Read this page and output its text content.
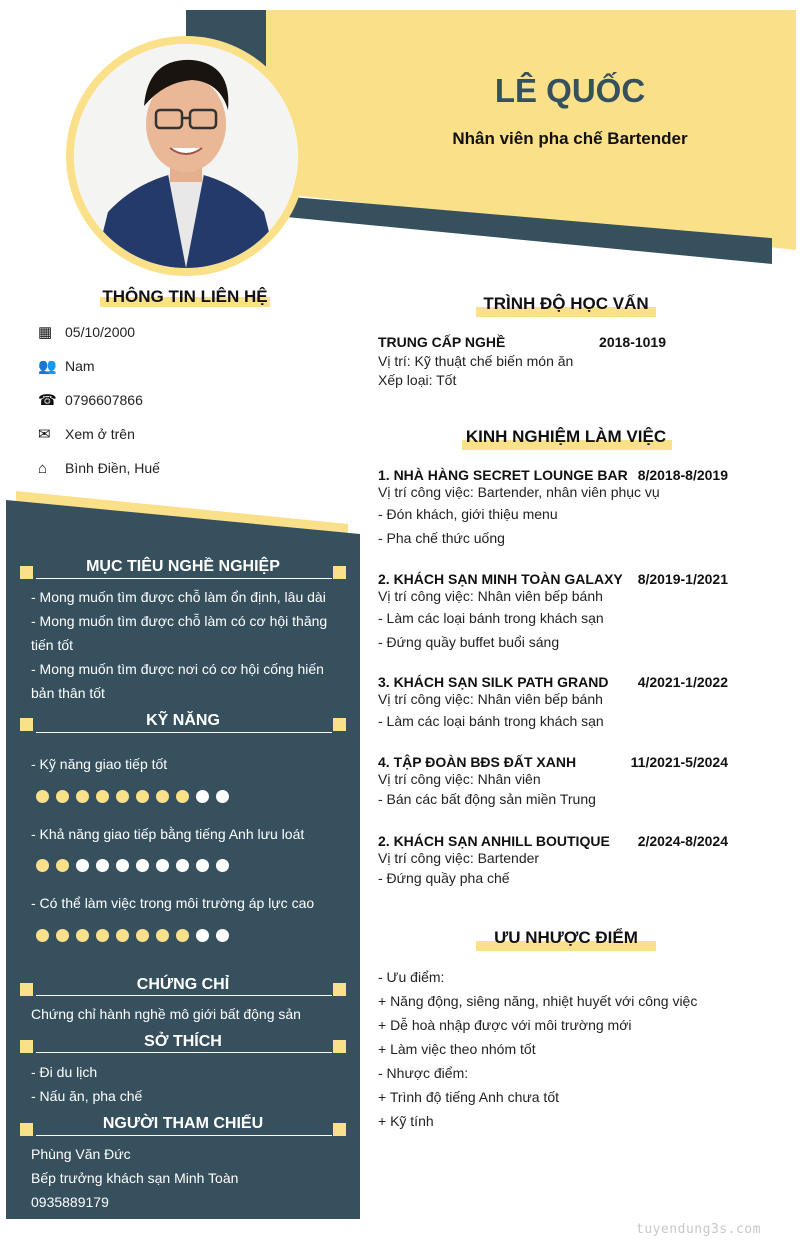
LÊ QUỐC
Nhân viên pha chế Bartender
THÔNG TIN LIÊN HỆ
▦ 05/10/2000
👥 Nam
☎ 0796607866
✉	Xem ở trên
⌂	Bình Điền, Huế
MỤC TIÊU NGHỀ NGHIỆP
- Mong muốn tìm được chỗ làm ổn định, lâu dài
- Mong muốn tìm được chỗ làm có cơ hội thăng
tiến tốt
- Mong muốn tìm được nơi có cơ hội cống hiến
bản thân tốt
KỸ NĂNG
- Kỹ năng giao tiếp tốt
- Khả năng giao tiếp bằng tiếng Anh lưu loát
- Có thể làm việc trong môi trường áp lực cao
CHỨNG CHỈ
Chứng chỉ hành nghề mô giới bất động sản
SỞ THÍCH
- Đi du lịch
- Nấu ăn, pha chế
NGƯỜI THAM CHIẾU
Phùng Văn Đức
Bếp trưởng khách sạn Minh Toàn
0935889179
TRÌNH ĐỘ HỌC VẤN
TRUNG CẤP NGHỀ	2018-1019
Vị trí: Kỹ thuật chế biến món ăn
Xếp loại: Tốt
KINH NGHIỆM LÀM VIỆC
1. NHÀ HÀNG SECRET LOUNGE BAR 8/2018-8/2019
Vị trí công việc: Bartender, nhân viên phục vụ
- Đón khách, giới thiệu menu
- Pha chế thức uống
2. KHÁCH SẠN MINH TOÀN GALAXY 8/2019-1/2021
Vị trí công việc: Nhân viên bếp bánh
- Làm các loại bánh trong khách sạn
- Đứng quầy buffet buổi sáng
3. KHÁCH SẠN SILK PATH GRAND 4/2021-1/2022
Vị trí công việc: Nhân viên bếp bánh
- Làm các loại bánh trong khách sạn
4. TẬP ĐOÀN BĐS ĐẤT XANH	11/2021-5/2024
Vị trí công việc: Nhân viên
- Bán các bất động sản miền Trung
2. KHÁCH SẠN ANHILL BOUTIQUE 2/2024-8/2024
Vị trí công việc: Bartender
- Đứng quầy pha chế
ƯU NHƯỢC ĐIỂM
- Ưu điểm:
+ Năng động, siêng năng, nhiệt huyết với công việc
+ Dễ hoà nhập được với môi trường mới
+ Làm việc theo nhóm tốt
- Nhược điểm:
+ Trình độ tiếng Anh chưa tốt
+ Kỹ tính
tuyendung3s.com
